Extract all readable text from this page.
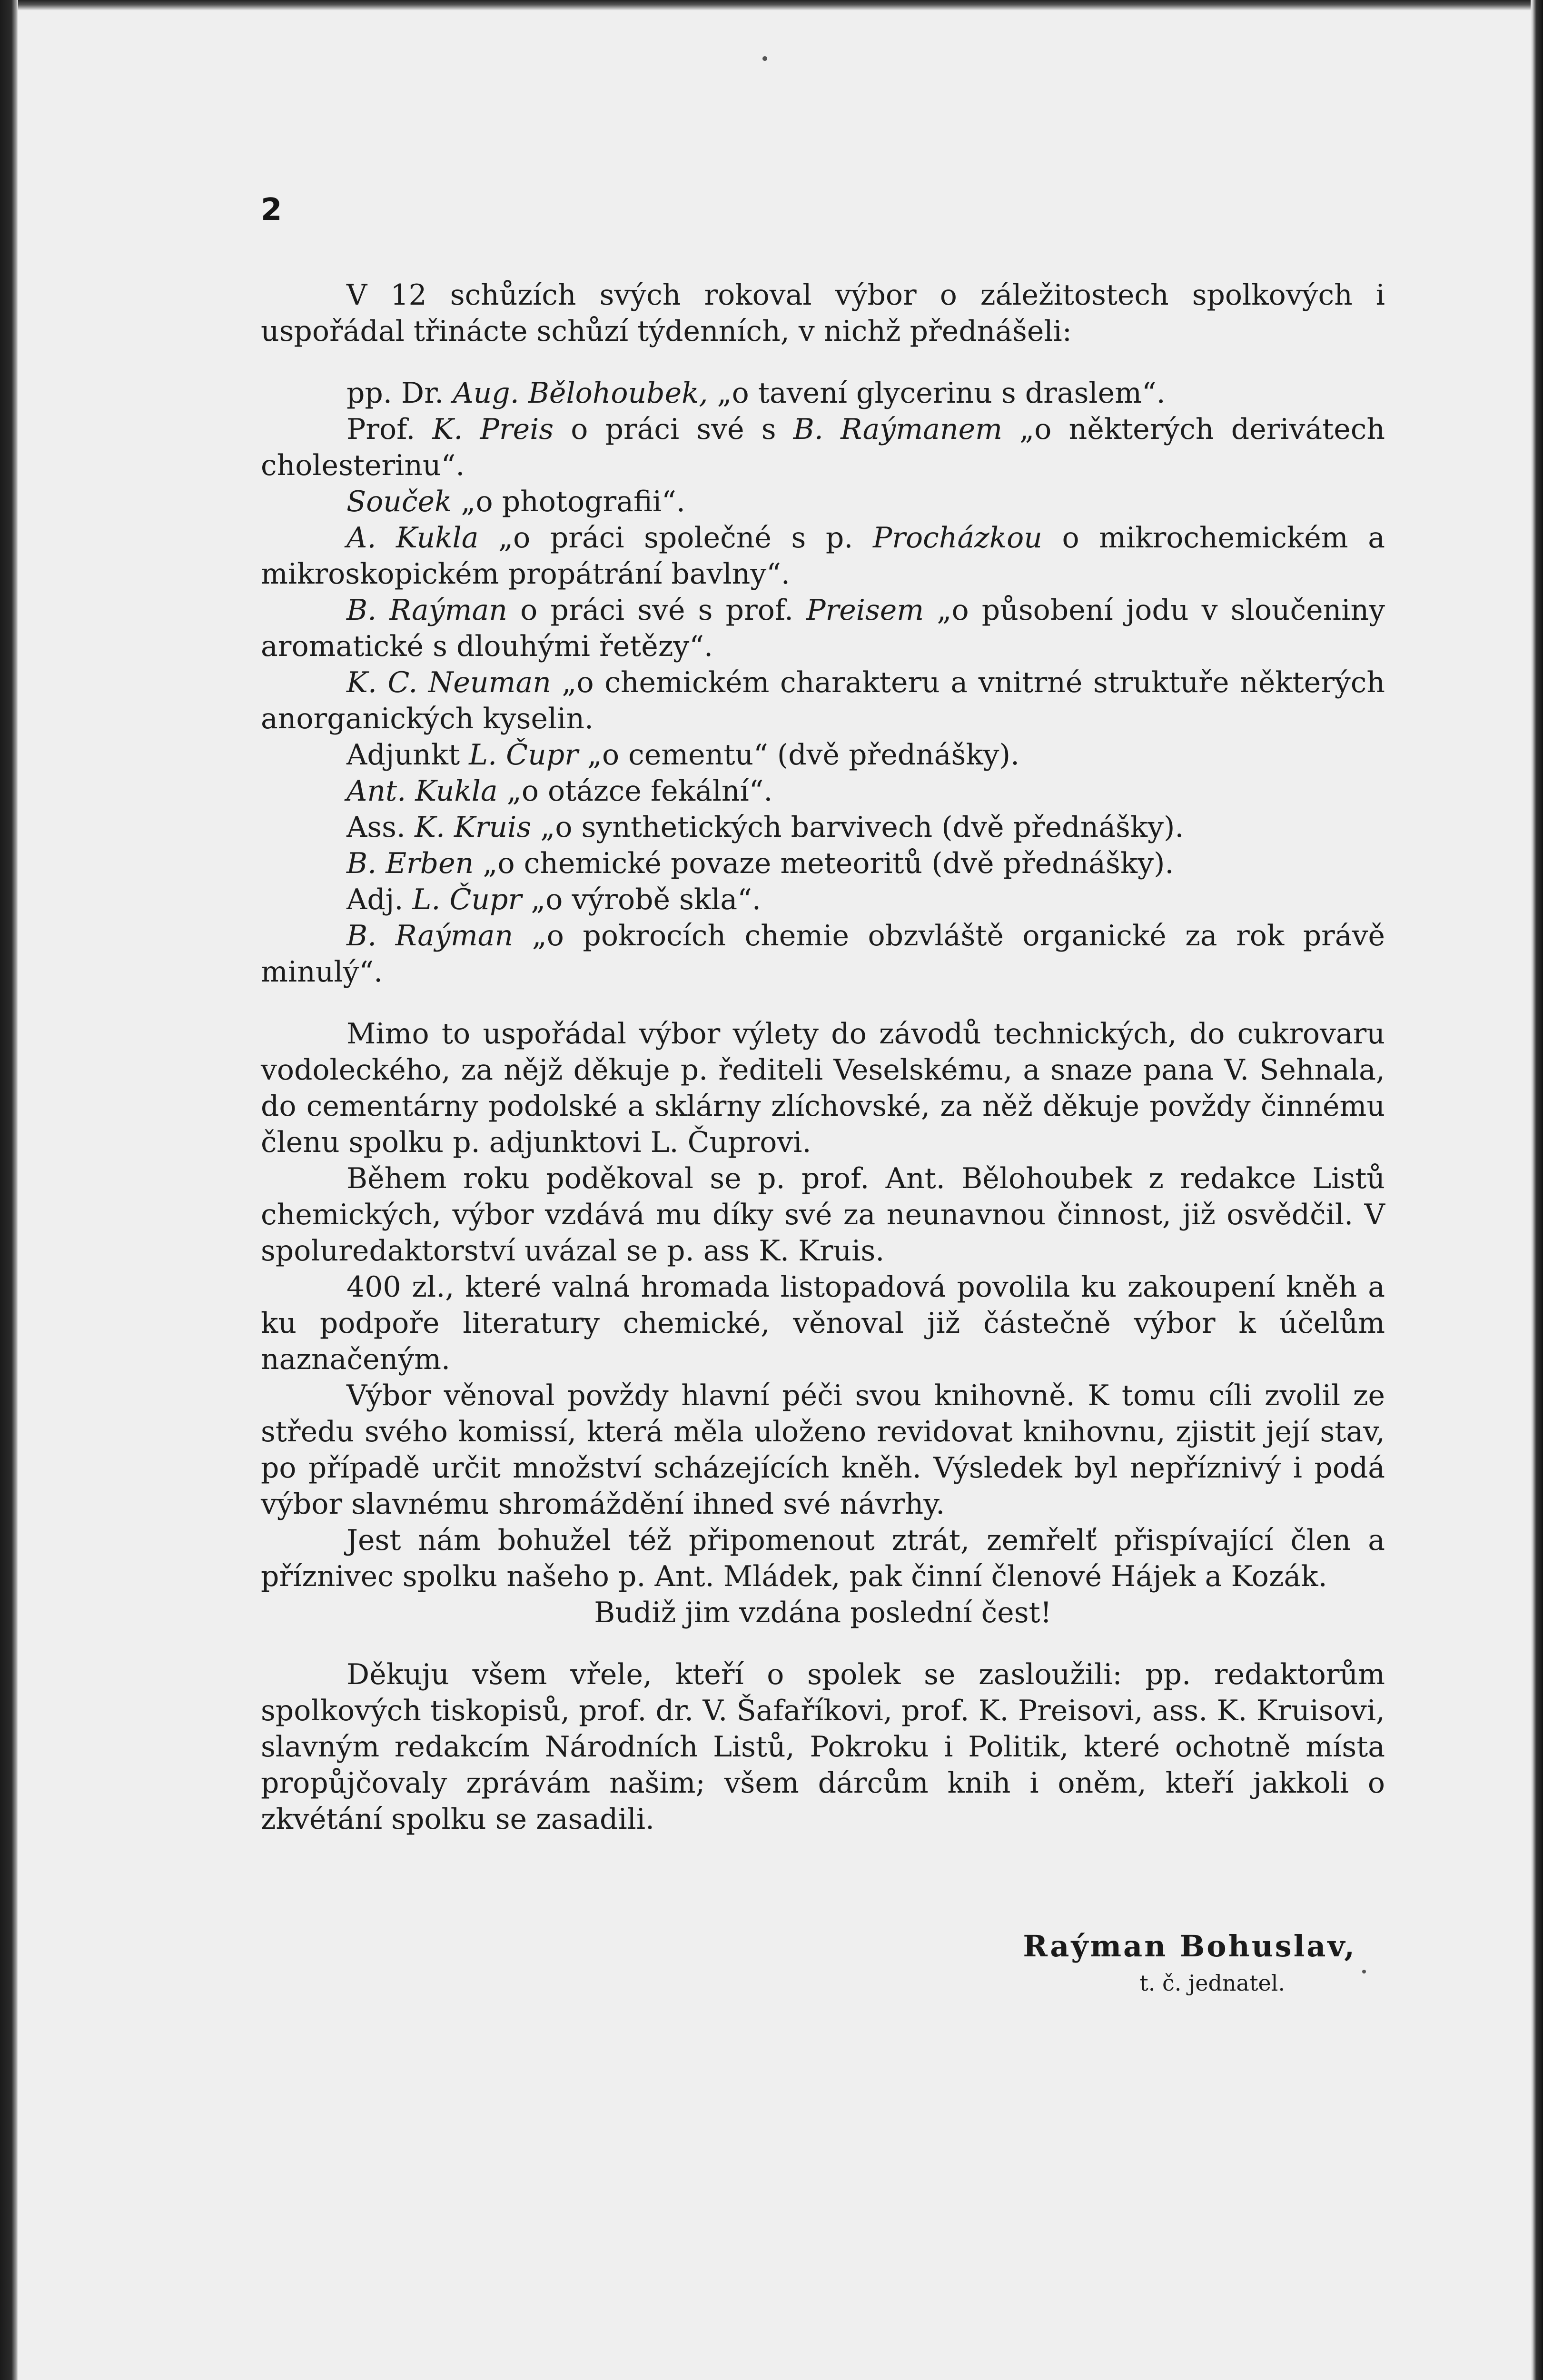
2

V 12 schůzích svých rokoval výbor o záležitostech spolkových i uspořádal třinácte schůzí týdenních, v nichž přednášeli:

pp. Dr. Aug. Bělohoubek, „o tavení glycerinu s draslem“.

Prof. K. Preis o práci své s B. Raýmanem „o některých derivátech cholesterinu“.

Souček „o photografii“.

A. Kukla „o práci společné s p. Procházkou o mikrochemickém a mikroskopickém propátrání bavlny“.

B. Raýman o práci své s prof. Preisem „o působení jodu v sloučeniny aromatické s dlouhými řetězy“.

K. C. Neuman „o chemickém charakteru a vnitrné struktuře některých anorganických kyselin.

Adjunkt L. Čupr „o cementu“ (dvě přednášky).

Ant. Kukla „o otázce fekální“.

Ass. K. Kruis „o synthetických barvivech (dvě přednášky).

B. Erben „o chemické povaze meteoritů (dvě přednášky).

Adj. L. Čupr „o výrobě skla“.

B. Raýman „o pokrocích chemie obzvláště organické za rok právě minulý“.

Mimo to uspořádal výbor výlety do závodů technických, do cukrovaru vodoleckého, za nějž děkuje p. řediteli Veselskému, a snaze pana V. Sehnala, do cementárny podolské a sklárny zlíchovské, za něž děkuje povždy činnému členu spolku p. adjunktovi L. Čuprovi.

Během roku poděkoval se p. prof. Ant. Bělohoubek z redakce Listů chemických, výbor vzdává mu díky své za neunavnou činnost, již osvědčil. V spoluredaktorství uvázal se p. ass K. Kruis.

400 zl., které valná hromada listopadová povolila ku zakoupení kněh a ku podpoře literatury chemické, věnoval již částečně výbor k účelům naznačeným.

Výbor věnoval povždy hlavní péči svou knihovně. K tomu cíli zvolil ze středu svého komissí, která měla uloženo revidovat knihovnu, zjistit její stav, po případě určit množství scházejících kněh. Výsledek byl nepříznivý i podá výbor slavnému shromáždění ihned své návrhy.

Jest nám bohužel též připomenout ztrát, zemřelť přispívající člen a příznivec spolku našeho p. Ant. Mládek, pak činní členové Hájek a Kozák.

Budiž jim vzdána poslední čest!

Děkuju všem vřele, kteří o spolek se zasloužili: pp. redaktorům spolkových tiskopisů, prof. dr. V. Šafaříkovi, prof. K. Preisovi, ass. K. Kruisovi, slavným redakcím Národních Listů, Pokroku i Politik, které ochotně místa propůjčovaly zprávám našim; všem dárcům knih i oněm, kteří jakkoli o zkvétání spolku se zasadili.

Raýman Bohuslav,
t. č. jednatel.
